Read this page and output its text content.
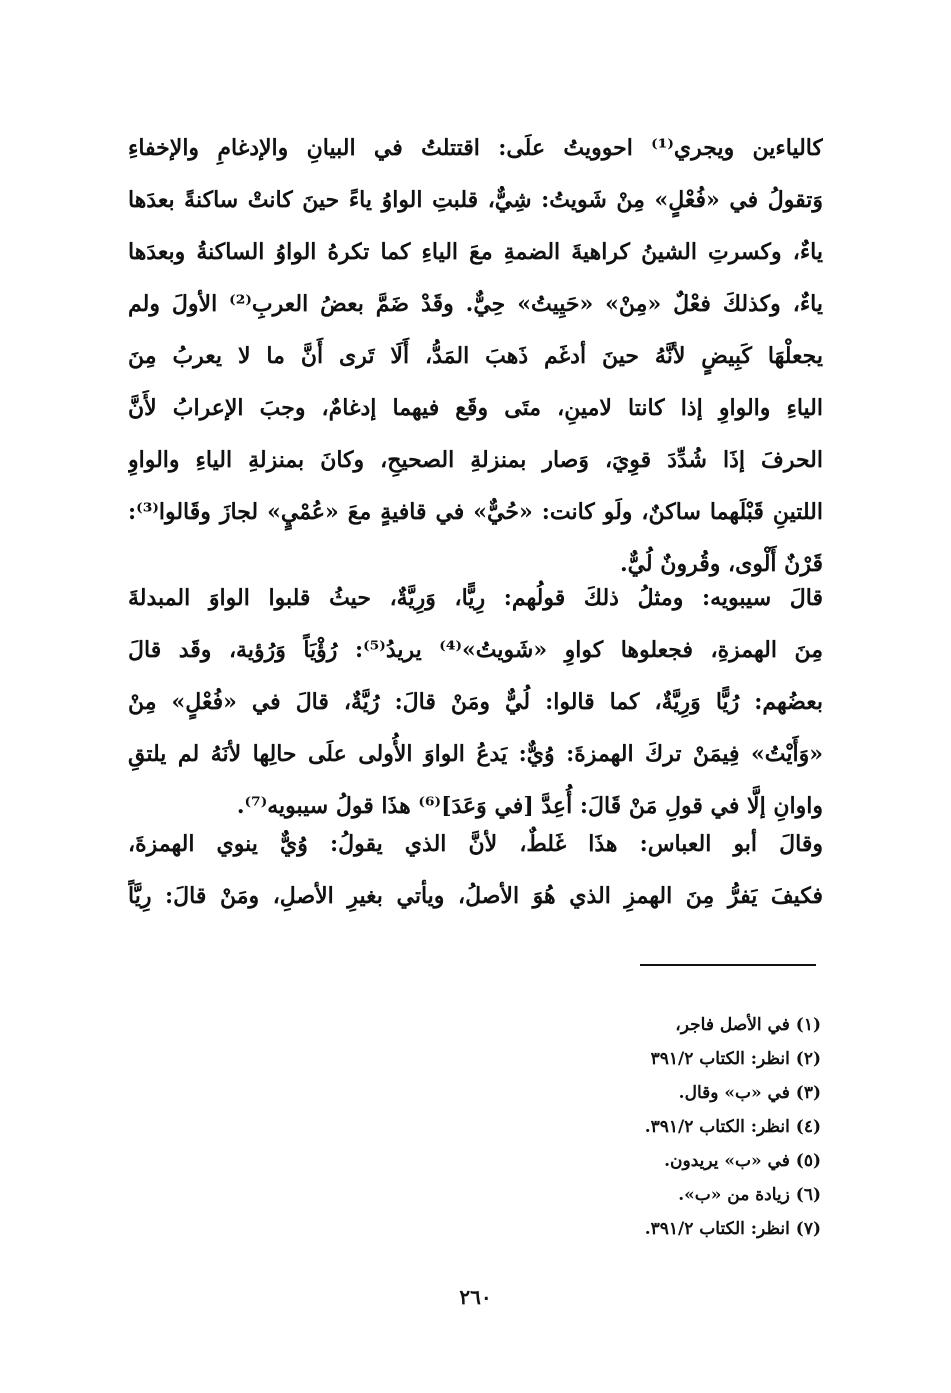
كالياءين ويجري⁽¹⁾ احوويتُ علَى: اقتتلتُ في البيانِ والإدغامِ والإخفاءِ
وَتقولُ في «فُعْلٍ» مِنْ شَويتُ: شِيٌّ، قلبتِ الواوُ ياءً حينَ كانتْ ساكنةً بعدَها
ياءٌ، وكسرتِ الشينُ كراهيةَ الضمةِ معَ الياءِ كما تكرهُ الواوُ الساكنةُ وبعدَها
ياءٌ، وكذلكَ فعْلٌ «مِنْ» «حَيِيتُ» حِيٌّ. وقَدْ ضَمَّ بعضُ العربِ⁽²⁾ الأولَ ولم
يجعلْهَا كَبِيضٍ لأنَّهُ حينَ أدغَم ذَهبَ المَدُّ، أَلَا تَرى أَنَّ ما لا يعربُ مِنَ
الياءِ والواوِ إذا كانتا لامينِ، متَى وقَع فيهما إدغامٌ، وجبَ الإعرابُ لأَنَّ
الحرفَ إذَا شُدِّدَ قوِيَ، وَصار بمنزلةِ الصحيحِ، وكانَ بمنزلةِ الياءِ والواوِ
اللتينِ قَبْلَهما ساكنٌ، ولَو كانت: «حُيٌّ» في قافيةٍ معَ «عُمْيٍ» لجازَ وقَالوا⁽³⁾:
قَرْنٌ أَلْوى، وقُرونٌ لُيٌّ.
قالَ سيبويه: ومثلُ ذلكَ قولُهم: رِيًّا، وَرِيَّةٌ، حيثُ قلبوا الواوَ المبدلةَ
مِنَ الهمزةِ، فجعلوها كواوِ «شَويتُ»⁽⁴⁾ يريدُ⁽⁵⁾: رُؤْيَاً وَرُؤية، وقَد قالَ
بعضُهم: رُيًّا وَرِيَّةٌ، كما قالوا: لُيٌّ ومَنْ قالَ: رُيَّةٌ، قالَ في «فُعْلٍ» مِنْ
«وَأَيْتُ» فِيمَنْ تركَ الهمزةَ: وُيٌّ: يَدعُ الواوَ الأُولى علَى حالِها لأنَهُ لم يلتقِ
واوانِ إلَّا في قولِ مَنْ قَالَ: أُعِدَّ [في وَعَدَ]⁽⁶⁾ هذَا قولُ سيبويه⁽⁷⁾.
وقالَ أبو العباس: هذَا غَلطٌ، لأنَّ الذي يقولُ: وُيٌّ ينوي الهمزةَ،
فكيفَ يَفرُّ مِنَ الهمزِ الذي هُوَ الأصلُ، ويأتي بغيرِ الأصلِ، ومَنْ قالَ: رِيَّاً
(١) في الأصل فاجر،
(٢) انظر: الكتاب ٣٩١/٢
(٣) في «ب» وقال.
(٤) انظر: الكتاب ٣٩١/٢.
(٥) في «ب» يريدون.
(٦) زيادة من «ب».
(٧) انظر: الكتاب ٣٩١/٢.
٢٦٠
